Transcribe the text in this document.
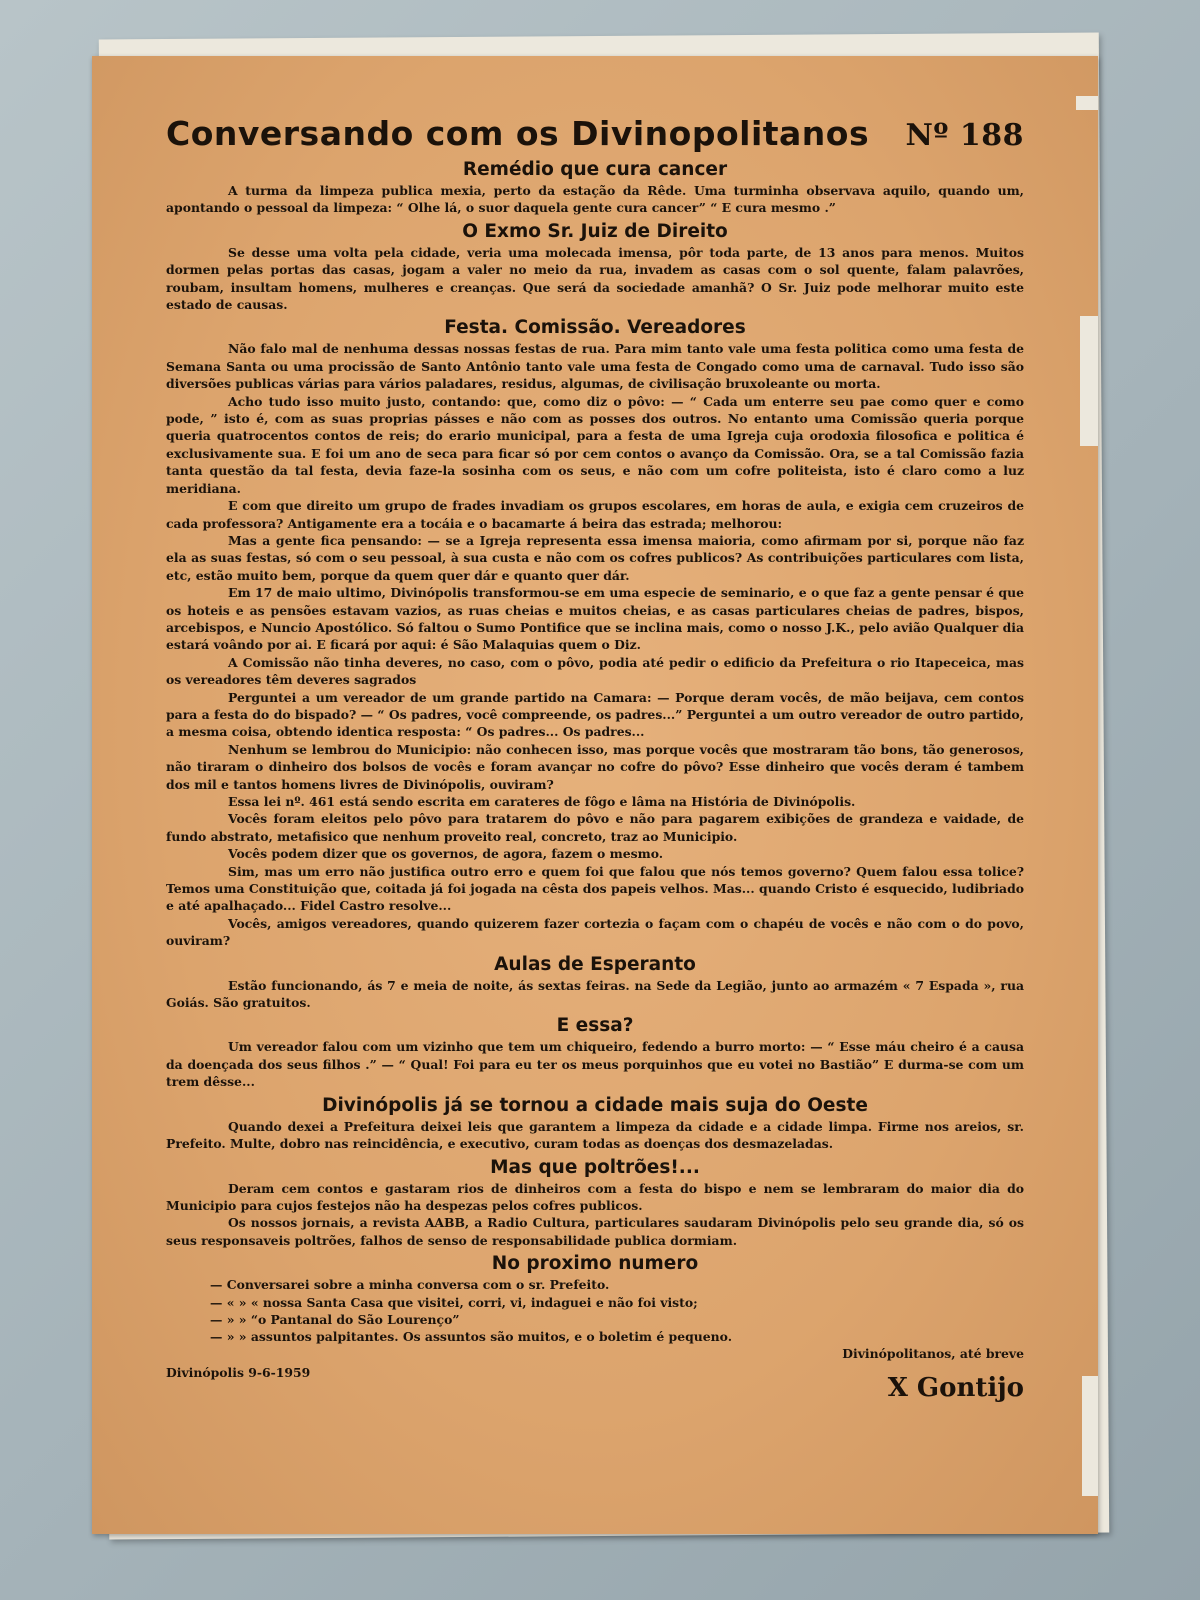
Conversando com os Divinopolitanos Nº 188
Remédio que cura cancer

A turma da limpeza publica mexia, perto da estação da Rêde. Uma turminha observava aquilo, quando um, apontando o pessoal da limpeza: “ Olhe lá, o suor daquela gente cura cancer” “ E cura mesmo .”

O Exmo Sr. Juiz de Direito

Se desse uma volta pela cidade, veria uma molecada imensa, pôr toda parte, de 13 anos para menos. Muitos dormen pelas portas das casas, jogam a valer no meio da rua, invadem as casas com o sol quente, falam palavrões, roubam, insultam homens, mulheres e creanças. Que será da sociedade amanhã? O Sr. Juiz pode melhorar muito este estado de causas.

Festa. Comissão. Vereadores

Não falo mal de nenhuma dessas nossas festas de rua. Para mim tanto vale uma festa politica como uma festa de Semana Santa ou uma procissão de Santo Antônio tanto vale uma festa de Congado como uma de carnaval. Tudo isso são diversões publicas várias para vários paladares, residus, algumas, de civilisação bruxoleante ou morta.

Acho tudo isso muito justo, contando: que, como diz o pôvo: — “ Cada um enterre seu pae como quer e como pode, ” isto é, com as suas proprias pásses e não com as posses dos outros. No entanto uma Comissão queria porque queria quatrocentos contos de reis; do erario municipal, para a festa de uma Igreja cuja orodoxia filosofica e politica é exclusivamente sua. E foi um ano de seca para ficar só por cem contos o avanço da Comissão. Ora, se a tal Comissão fazia tanta questão da tal festa, devia faze-la sosinha com os seus, e não com um cofre politeista, isto é claro como a luz meridiana.

E com que direito um grupo de frades invadiam os grupos escolares, em horas de aula, e exigia cem cruzeiros de cada professora? Antigamente era a tocáia e o bacamarte á beira das estrada; melhorou:

Mas a gente fica pensando: — se a Igreja representa essa imensa maioria, como afirmam por si, porque não faz ela as suas festas, só com o seu pessoal, à sua custa e não com os cofres publicos? As contribuições particulares com lista, etc, estão muito bem, porque da quem quer dár e quanto quer dár.

Em 17 de maio ultimo, Divinópolis transformou-se em uma especie de seminario, e o que faz a gente pensar é que os hoteis e as pensões estavam vazios, as ruas cheias e muitos cheias, e as casas particulares cheias de padres, bispos, arcebispos, e Nuncio Apostólico. Só faltou o Sumo Pontifice que se inclina mais, como o nosso J.K., pelo avião Qualquer dia estará voândo por ai. E ficará por aqui: é São Malaquias quem o Diz.

A Comissão não tinha deveres, no caso, com o pôvo, podia até pedir o edificio da Prefeitura o rio Itapeceica, mas os vereadores têm deveres sagrados

Perguntei a um vereador de um grande partido na Camara: — Porque deram vocês, de mão beijava, cem contos para a festa do do bispado? — “ Os padres, você compreende, os padres...” Perguntei a um outro vereador de outro partido, a mesma coisa, obtendo identica resposta: “ Os padres... Os padres...

Nenhum se lembrou do Municipio: não conhecen isso, mas porque vocês que mostraram tão bons, tão generosos, não tiraram o dinheiro dos bolsos de vocês e foram avançar no cofre do pôvo? Esse dinheiro que vocês deram é tambem dos mil e tantos homens livres de Divinópolis, ouviram?

Essa lei nº. 461 está sendo escrita em carateres de fôgo e lâma na História de Divinópolis.

Vocês foram eleitos pelo pôvo para tratarem do pôvo e não para pagarem exibições de grandeza e vaidade, de fundo abstrato, metafisico que nenhum proveito real, concreto, traz ao Municipio.

Vocês podem dizer que os governos, de agora, fazem o mesmo.

Sim, mas um erro não justifica outro erro e quem foi que falou que nós temos governo? Quem falou essa tolice? Temos uma Constituição que, coitada já foi jogada na cêsta dos papeis velhos. Mas... quando Cristo é esquecido, ludibriado e até apalhaçado... Fidel Castro resolve...

Vocês, amigos vereadores, quando quizerem fazer cortezia o façam com o chapéu de vocês e não com o do povo, ouviram?

Aulas de Esperanto

Estão funcionando, ás 7 e meia de noite, ás sextas feiras. na Sede da Legião, junto ao armazém « 7 Espada », rua Goiás. São gratuitos.

E essa?

Um vereador falou com um vizinho que tem um chiqueiro, fedendo a burro morto: — “ Esse máu cheiro é a causa da doençada dos seus filhos .” — “ Qual! Foi para eu ter os meus porquinhos que eu votei no Bastião” E durma-se com um trem dêsse...

Divinópolis já se tornou a cidade mais suja do Oeste

Quando dexei a Prefeitura deixei leis que garantem a limpeza da cidade e a cidade limpa. Firme nos areios, sr. Prefeito. Multe, dobro nas reincidência, e executivo, curam todas as doenças dos desmazeladas.

Mas que poltrões!...

Deram cem contos e gastaram rios de dinheiros com a festa do bispo e nem se lembraram do maior dia do Municipio para cujos festejos não ha despezas pelos cofres publicos.

Os nossos jornais, a revista AABB, a Radio Cultura, particulares saudaram Divinópolis pelo seu grande dia, só os seus responsaveis poltrões, falhos de senso de responsabilidade publica dormiam.

No proximo numero
— Conversarei sobre a minha conversa com o sr. Prefeito.
— « » « nossa Santa Casa que visitei, corri, vi, indaguei e não foi visto;
— » » “o Pantanal do São Lourenço”
— » » assuntos palpitantes. Os assuntos são muitos, e o boletim é pequeno.
Divinópolitanos, até breve
Divinópolis 9-6-1959
X Gontijo
